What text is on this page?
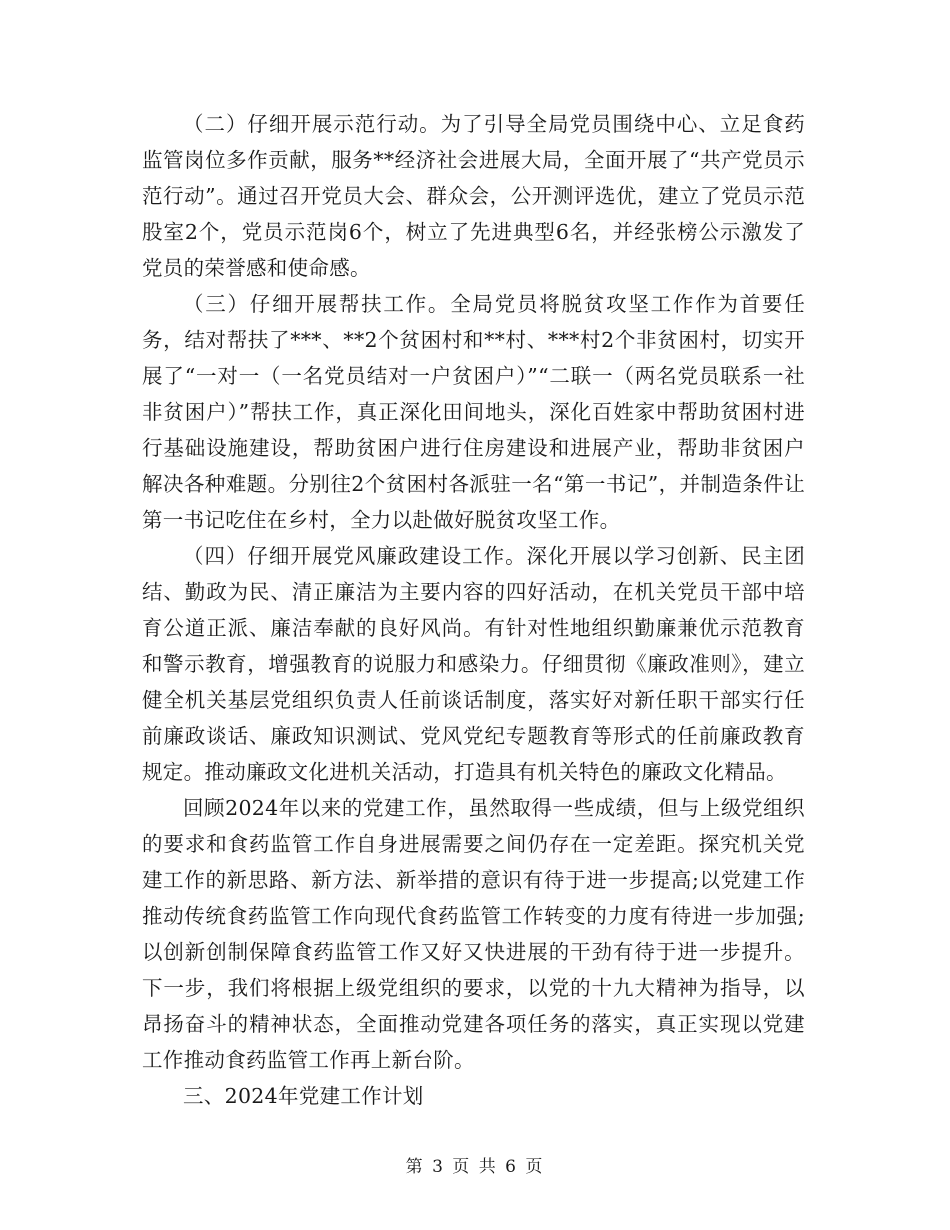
（二）仔细开展示范行动。为了引导全局党员围绕中心、立足食药监管岗位多作贡献，服务**经济社会进展大局，全面开展了“共产党员示范行动”。通过召开党员大会、群众会，公开测评选优，建立了党员示范股室2个，党员示范岗6个，树立了先进典型6名，并经张榜公示激发了党员的荣誉感和使命感。

（三）仔细开展帮扶工作。全局党员将脱贫攻坚工作作为首要任务，结对帮扶了***、**2个贫困村和**村、***村2个非贫困村，切实开展了“一对一（一名党员结对一户贫困户）”“二联一（两名党员联系一社非贫困户）”帮扶工作，真正深化田间地头，深化百姓家中帮助贫困村进行基础设施建设，帮助贫困户进行住房建设和进展产业，帮助非贫困户解决各种难题。分别往2个贫困村各派驻一名“第一书记”，并制造条件让第一书记吃住在乡村，全力以赴做好脱贫攻坚工作。

（四）仔细开展党风廉政建设工作。深化开展以学习创新、民主团结、勤政为民、清正廉洁为主要内容的四好活动，在机关党员干部中培育公道正派、廉洁奉献的良好风尚。有针对性地组织勤廉兼优示范教育和警示教育，增强教育的说服力和感染力。仔细贯彻《廉政准则》，建立健全机关基层党组织负责人任前谈话制度，落实好对新任职干部实行任前廉政谈话、廉政知识测试、党风党纪专题教育等形式的任前廉政教育规定。推动廉政文化进机关活动，打造具有机关特色的廉政文化精品。

回顾2024年以来的党建工作，虽然取得一些成绩，但与上级党组织的要求和食药监管工作自身进展需要之间仍存在一定差距。探究机关党建工作的新思路、新方法、新举措的意识有待于进一步提高;以党建工作推动传统食药监管工作向现代食药监管工作转变的力度有待进一步加强;以创新创制保障食药监管工作又好又快进展的干劲有待于进一步提升。下一步，我们将根据上级党组织的要求，以党的十九大精神为指导，以昂扬奋斗的精神状态，全面推动党建各项任务的落实，真正实现以党建工作推动食药监管工作再上新台阶。

三、2024年党建工作计划

第 3 页 共 6 页
